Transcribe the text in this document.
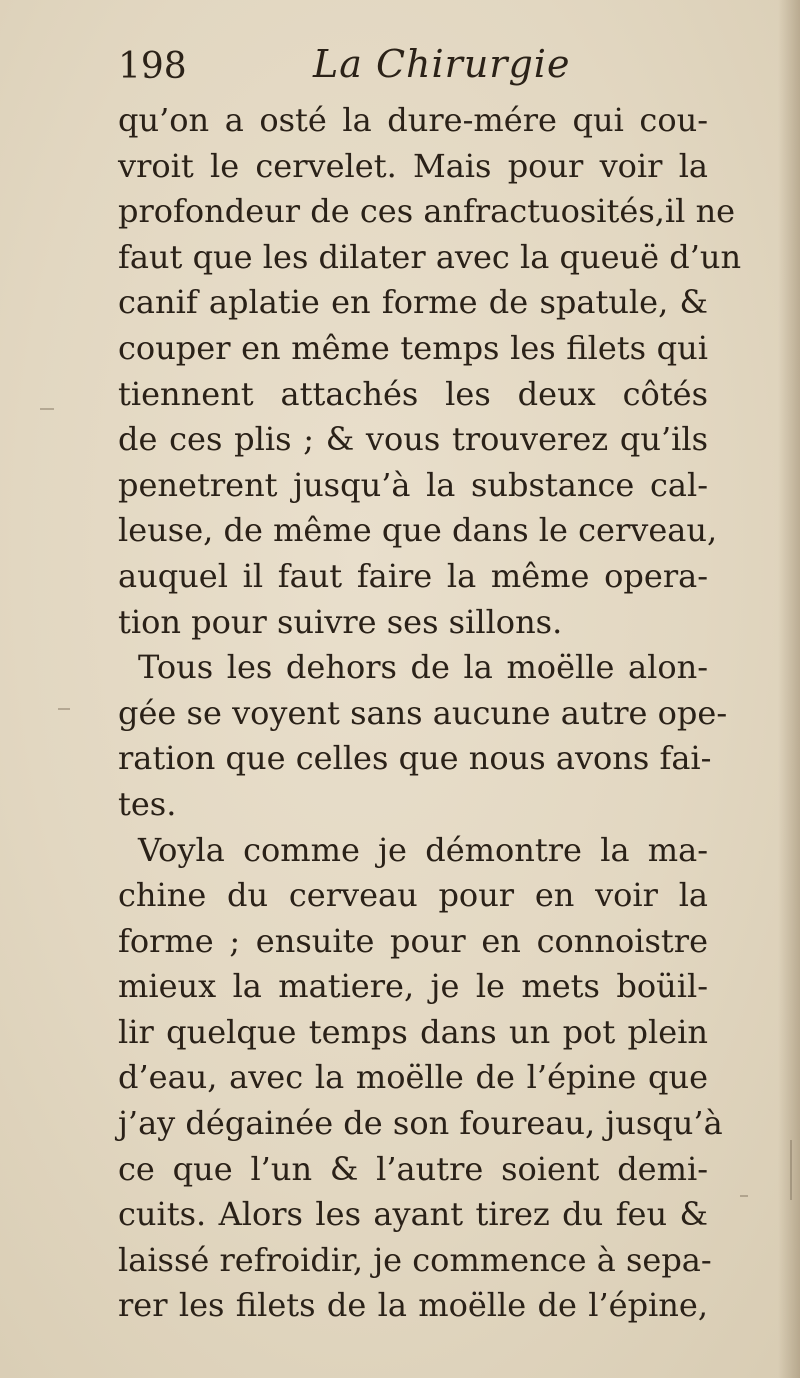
198	La Chirurgie
qu’on a osté la dure-mére qui cou-
vroit le cervelet. Mais pour voir la
profondeur de ces anfractuosités,il ne
faut que les dilater avec la queuë d’un
canif aplatie en forme de spatule, &
couper en même temps les filets qui
tiennent attachés les deux côtés
de ces plis ; & vous trouverez qu’ils
penetrent jusqu’à la substance cal-
leuse, de même que dans le cerveau,
auquel il faut faire la même opera-
tion pour suivre ses sillons.
Tous les dehors de la moëlle alon-
gée se voyent sans aucune autre ope-
ration que celles que nous avons fai-
tes.
Voyla comme je démontre la ma-
chine du cerveau pour en voir la
forme ; ensuite pour en connoistre
mieux la matiere, je le mets boüil-
lir quelque temps dans un pot plein
d’eau, avec la moëlle de l’épine que
j’ay dégainée de son foureau, jusqu’à
ce que l’un & l’autre soient demi-
cuits. Alors les ayant tirez du feu &
laissé refroidir, je commence à sepa-
rer les filets de la moëlle de l’épine,
